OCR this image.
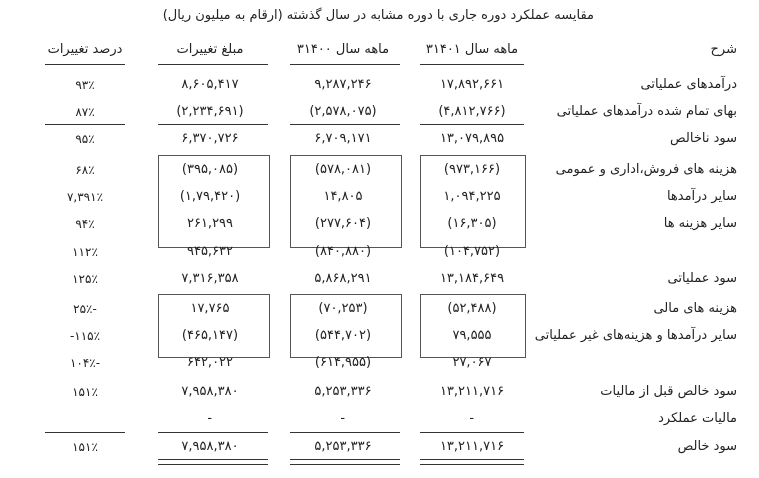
مقایسه عملکرد دوره جاری با دوره مشابه در سال گذشته (ارقام به میلیون ریال)
شرح
۳ماهه سال ۱۴۰۱
۳ماهه سال ۱۴۰۰
مبلغ تغییرات
درصد تغییرات
درآمدهای عملیاتی
۱۷,۸۹۲,۶۶۱
۹,۲۸۷,۲۴۶
۸,۶۰۵,۴۱۷
۹۳٪
بهای تمام شده درآمدهای عملیاتی
(۴,۸۱۲,۷۶۶)
(۲,۵۷۸,۰۷۵)
(۲,۲۳۴,۶۹۱)
۸۷٪
سود ناخالص
۱۳,۰۷۹,۸۹۵
۶,۷۰۹,۱۷۱
۶,۳۷۰,۷۲۶
۹۵٪
هزینه های فروش،اداری و عمومی
(۹۷۳,۱۶۶)
(۵۷۸,۰۸۱)
(۳۹۵,۰۸۵)
۶۸٪
سایر درآمدها
۱,۰۹۴,۲۲۵
۱۴,۸۰۵
(۱,۷۹,۴۲۰)
۷,۳۹۱٪
سایر هزینه ها
(۱۶,۳۰۵)
(۲۷۷,۶۰۴)
۲۶۱,۲۹۹
۹۴٪
(۱۰۴,۷۵۲)
(۸۴۰,۸۸۰)
۹۴۵,۶۳۲
۱۱۲٪
سود عملیاتی
۱۳,۱۸۴,۶۴۹
۵,۸۶۸,۲۹۱
۷,۳۱۶,۳۵۸
۱۲۵٪
هزینه های مالی
(۵۲,۴۸۸)
(۷۰,۲۵۳)
۱۷,۷۶۵
۲۵٪-
سایر درآمدها و هزینه‌های غیر عملیاتی
۷۹,۵۵۵
(۵۴۴,۷۰۲)
(۴۶۵,۱۴۷)
-۱۱۵٪
۲۷,۰۶۷
(۶۱۴,۹۵۵)
۶۴۲,۰۲۲
۱۰۴٪-
سود خالص قبل از مالیات
۱۳,۲۱۱,۷۱۶
۵,۲۵۳,۳۳۶
۷,۹۵۸,۳۸۰
۱۵۱٪
مالیات عملکرد
-
-
-
سود خالص
۱۳,۲۱۱,۷۱۶
۵,۲۵۳,۳۳۶
۷,۹۵۸,۳۸۰
۱۵۱٪
